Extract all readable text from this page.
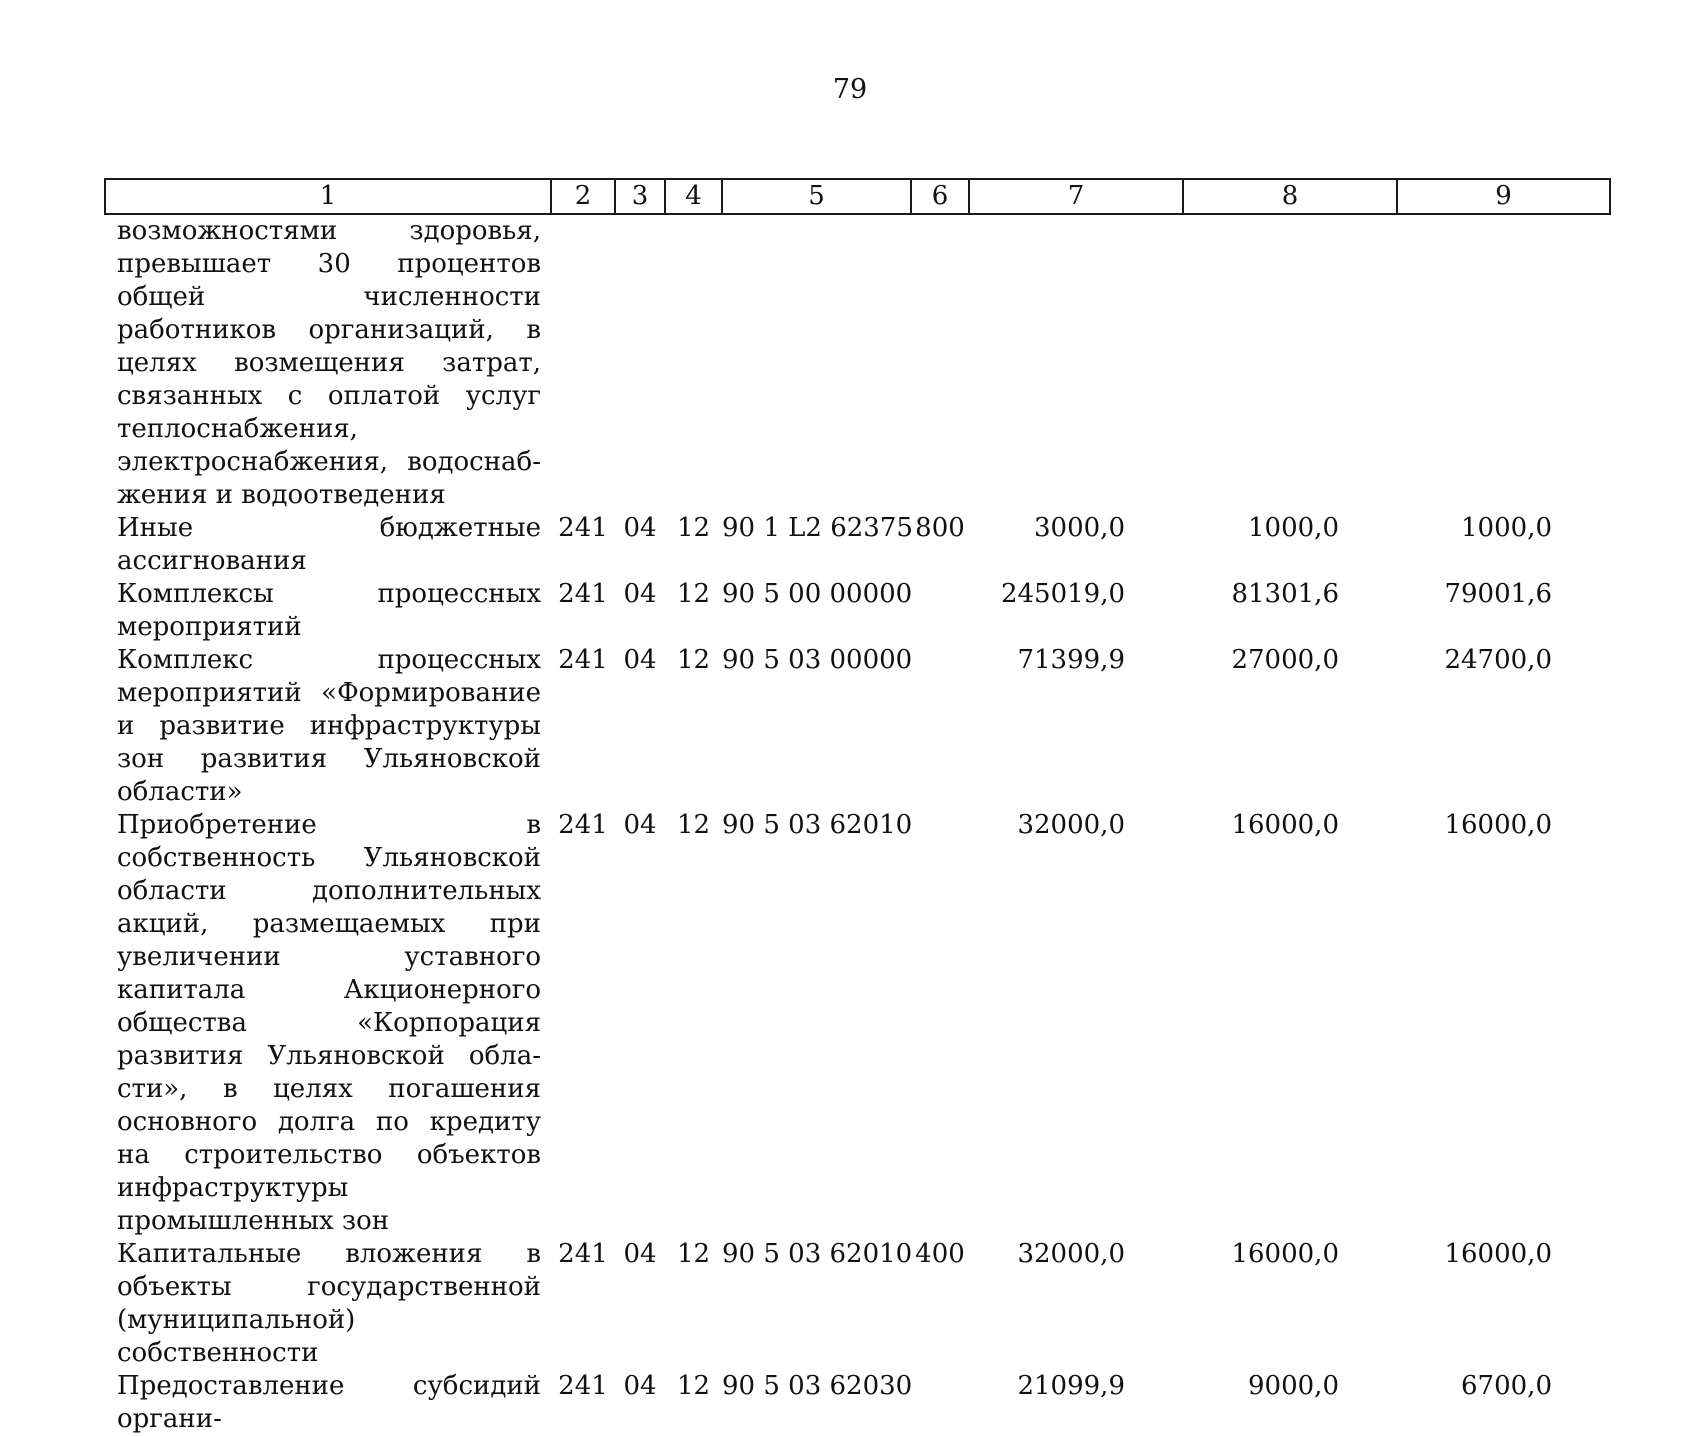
79
1	2	3	4	5	6	7	8	9
возможностями здоровья, превышает 30 процентов общей численности работников организаций, в целях возмещения затрат, связанных с оплатой услуг теплоснабжения, электроснабжения, водоснабжения и водоотведения								
Иные бюджетные ассигнования	241	04	12	90 1 L2 62375	800	3000,0	1000,0	1000,0
Комплексы процессных мероприятий	241	04	12	90 5 00 00000		245019,0	81301,6	79001,6
Комплекс процессных мероприятий «Формирование и развитие инфраструктуры зон развития Ульяновской области»	241	04	12	90 5 03 00000		71399,9	27000,0	24700,0
Приобретение в собственность Ульяновской области дополнительных акций, размещаемых при увеличении уставного капитала Акционерного общества «Корпорация развития Ульяновской области», в целях погашения основного долга по кредиту на строительство объектов инфраструктуры промышленных зон	241	04	12	90 5 03 62010		32000,0	16000,0	16000,0
Капитальные вложения в объекты государственной (муниципальной) собственности	241	04	12	90 5 03 62010	400	32000,0	16000,0	16000,0
Предоставление субсидий органи-	241	04	12	90 5 03 62030		21099,9	9000,0	6700,0
